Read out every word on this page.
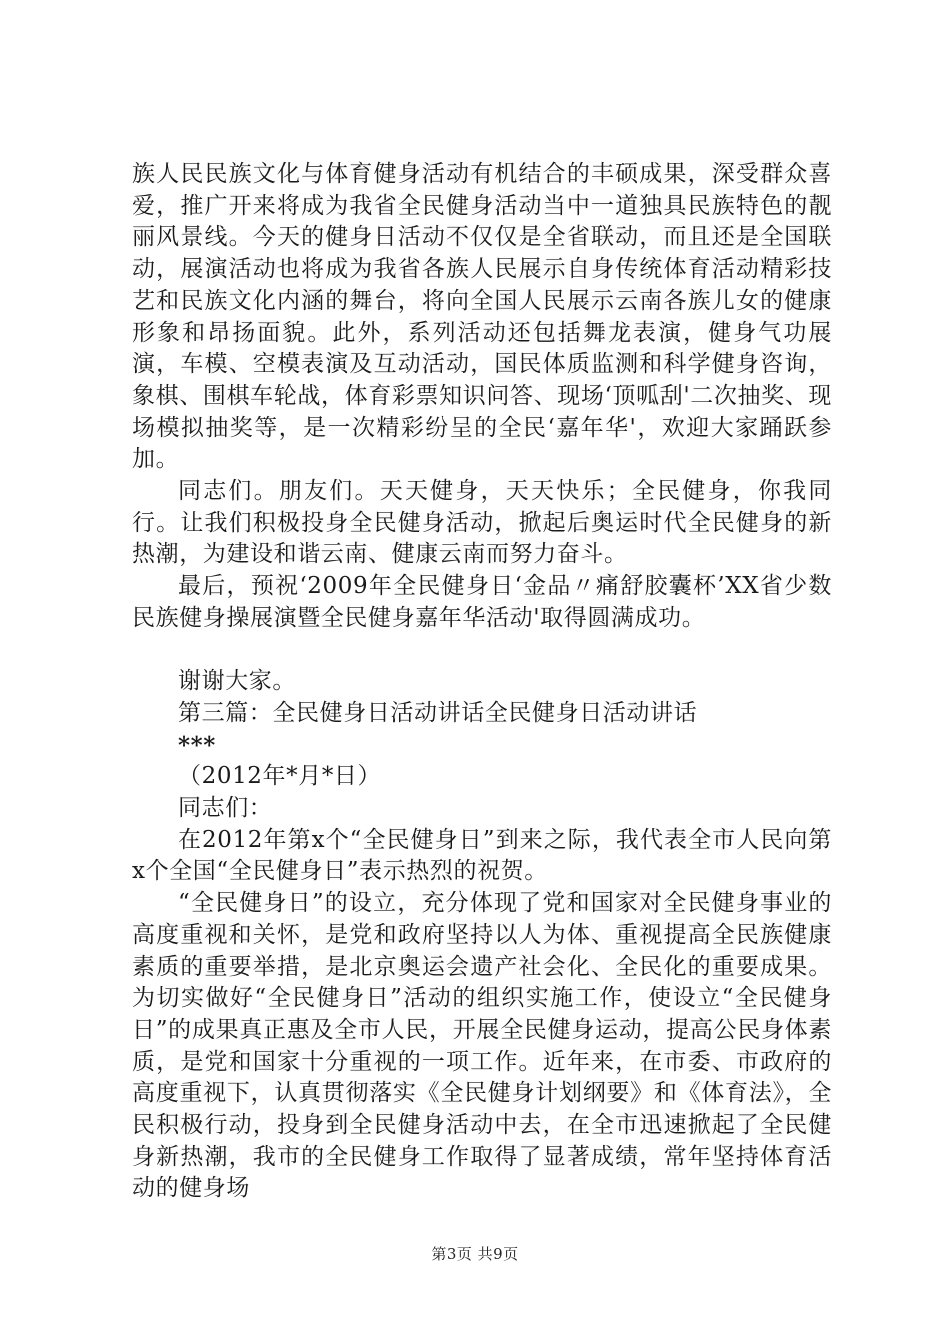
族人民民族文化与体育健身活动有机结合的丰硕成果，深受群众喜爱，推广开来将成为我省全民健身活动当中一道独具民族特色的靓丽风景线。今天的健身日活动不仅仅是全省联动，而且还是全国联动，展演活动也将成为我省各族人民展示自身传统体育活动精彩技艺和民族文化内涵的舞台，将向全国人民展示云南各族儿女的健康形象和昂扬面貌。此外，系列活动还包括舞龙表演，健身气功展演，车模、空模表演及互动活动，国民体质监测和科学健身咨询，象棋、围棋车轮战，体育彩票知识问答、现场‘顶呱刮'二次抽奖、现场模拟抽奖等，是一次精彩纷呈的全民‘嘉年华'，欢迎大家踊跃参加。

同志们。朋友们。天天健身，天天快乐；全民健身，你我同行。让我们积极投身全民健身活动，掀起后奥运时代全民健身的新热潮，为建设和谐云南、健康云南而努力奋斗。

最后，预祝‘2009年全民健身日‘金品〃痛舒胶囊杯’XX省少数民族健身操展演暨全民健身嘉年华活动'取得圆满成功。

谢谢大家。

第三篇：全民健身日活动讲话全民健身日活动讲话

***

（2012年*月*日）

同志们：

在2012年第x个“全民健身日”到来之际，我代表全市人民向第x个全国“全民健身日”表示热烈的祝贺。

“全民健身日”的设立，充分体现了党和国家对全民健身事业的高度重视和关怀，是党和政府坚持以人为体、重视提高全民族健康素质的重要举措，是北京奥运会遗产社会化、全民化的重要成果。为切实做好“全民健身日”活动的组织实施工作，使设立“全民健身日”的成果真正惠及全市人民，开展全民健身运动，提高公民身体素质，是党和国家十分重视的一项工作。近年来，在市委、市政府的高度重视下，认真贯彻落实《全民健身计划纲要》和《体育法》，全民积极行动，投身到全民健身活动中去，在全市迅速掀起了全民健身新热潮，我市的全民健身工作取得了显著成绩，常年坚持体育活动的健身场

第3页 共9页
